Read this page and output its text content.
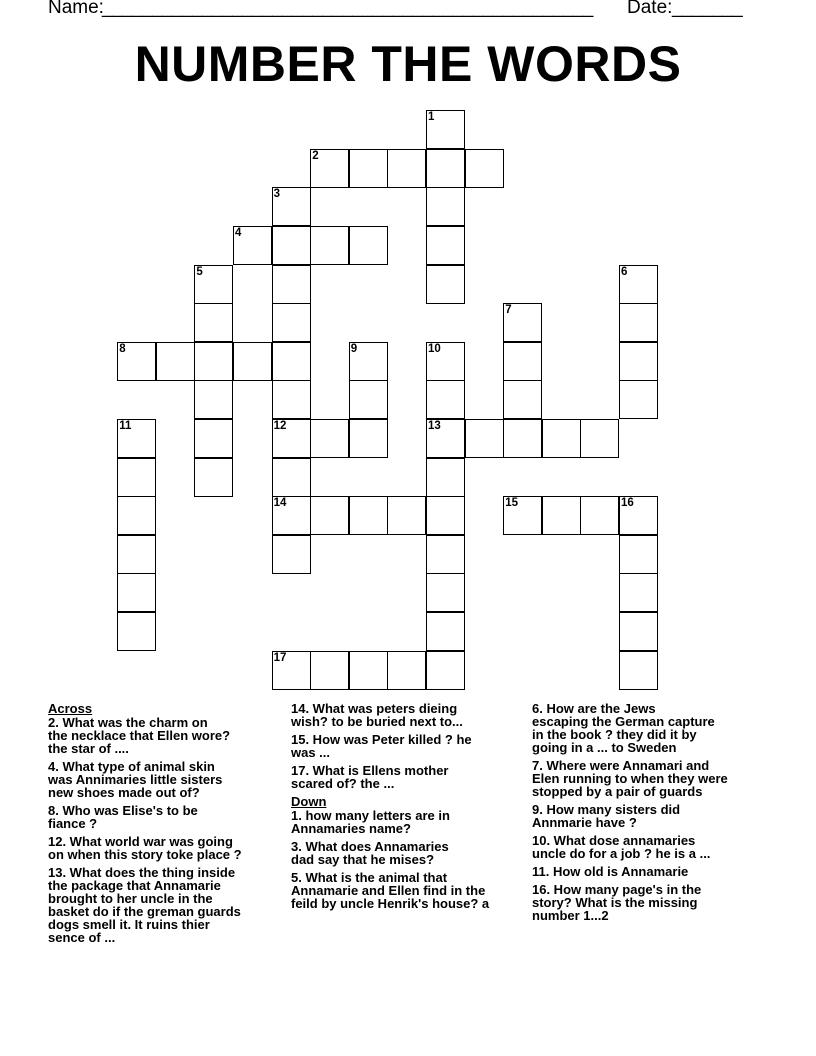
Name:
_________________________________________________ Date: _______
NUMBER THE WORDS
1
2
3
4
5	6
7
8	9	10
11	12	13
14	15	16
17
Across
2. What was the charm on
the necklace that Ellen wore?
the star of ....
4. What type of animal skin
was Annimaries little sisters
new shoes made out of?
8. Who was Elise's to be
fiance ?
12. What world war was going
on when this story toke place ?
13. What does the thing inside
the package that Annamarie
brought to her uncle in the
basket do if the greman guards
dogs smell it. It ruins thier
sence of ...
14. What was peters dieing
wish? to be buried next to...
15. How was Peter killed ? he
was ...
17. What is Ellens mother
scared of? the ...
Down
1. how many letters are in
Annamaries name?
3. What does Annamaries
dad say that he mises?
5. What is the animal that
Annamarie and Ellen find in the
feild by uncle Henrik's house? a
6. How are the Jews
escaping the German capture
in the book ? they did it by
going in a ... to Sweden
7. Where were Annamari and
Elen running to when they were
stopped by a pair of guards
9. How many sisters did
Annmarie have ?
10. What dose annamaries
uncle do for a job ? he is a ...
11. How old is Annamarie
16. How many page's in the
story? What is the missing
number 1...2
